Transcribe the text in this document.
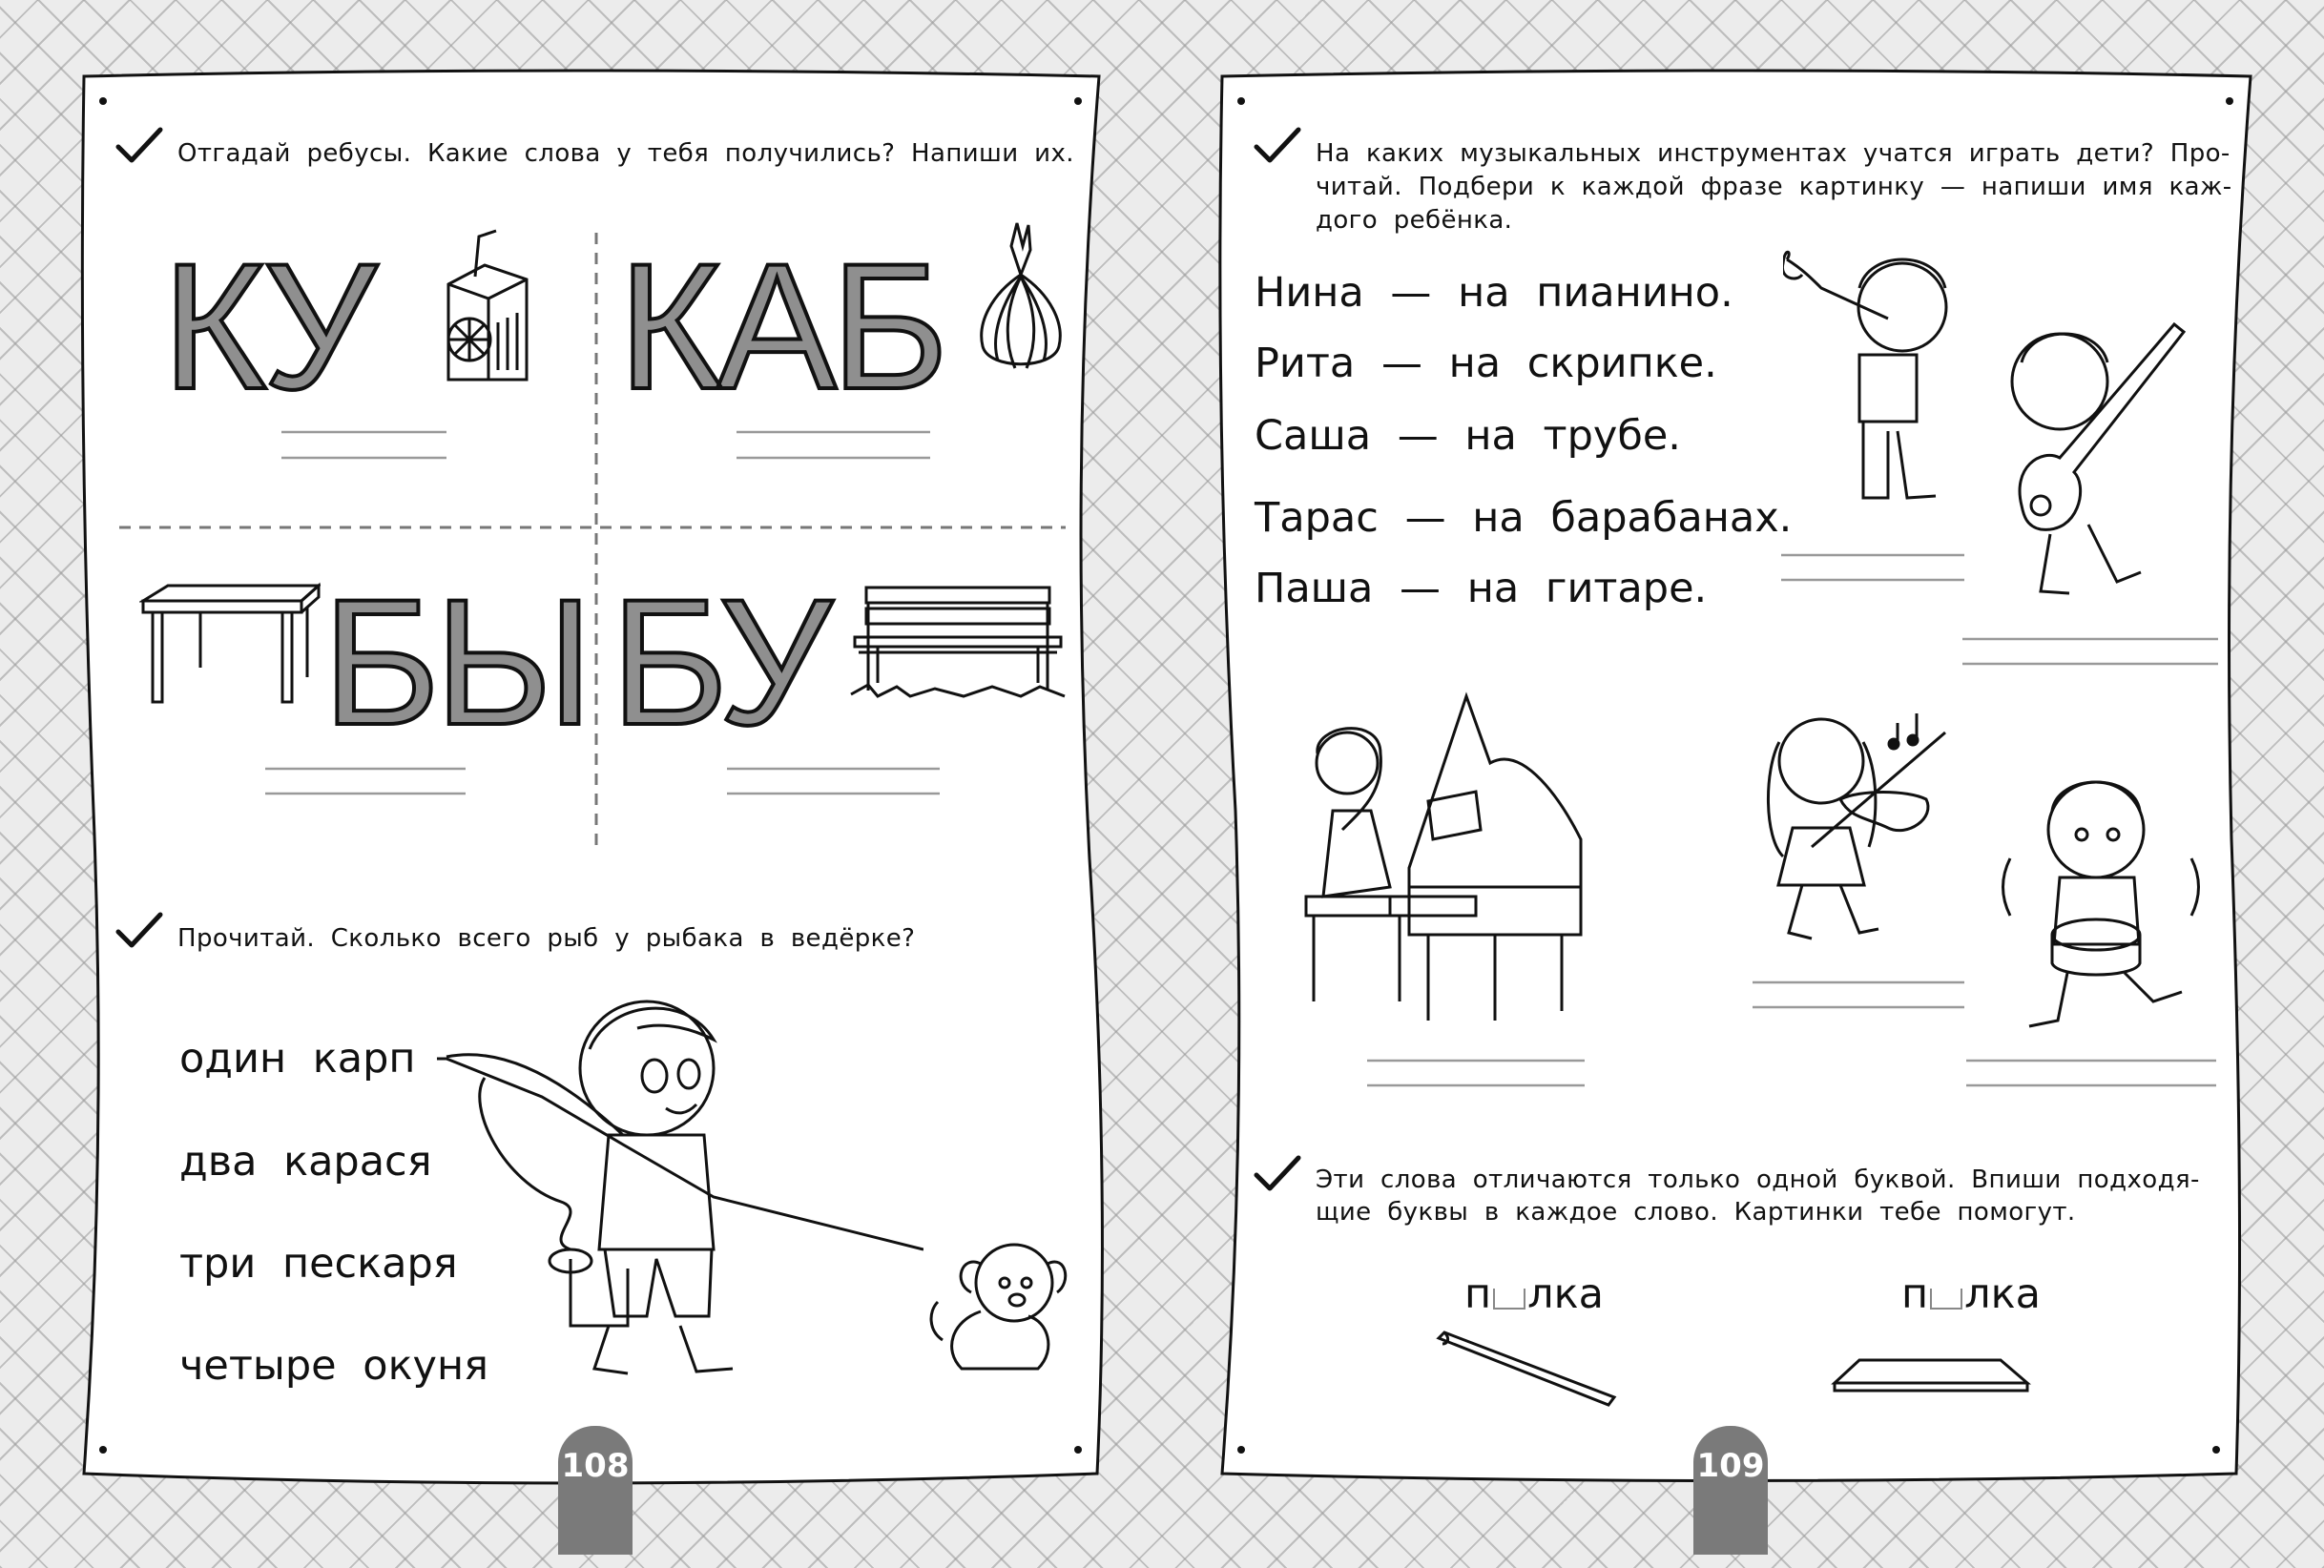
Отгадай ребусы. Какие слова у тебя получились? Напиши их.
КУ КАБ
БЫ БУ
Прочитай. Сколько всего рыб у рыбака в ведёрке?
один карп
два карася
три пескаря
четыре окуня
108
На каких музыкальных инструментах учатся играть дети? Про-
читай. Подбери к каждой фразе картинку — напиши имя каж-
дого ребёнка.
Нина — на пианино.
Рита — на скрипке.
Саша — на трубе.
Тарас — на барабанах.
Паша — на гитаре.
Эти слова отличаются только одной буквой. Впиши подходя-
щие буквы в каждое слово. Картинки тебе помогут.
п лка	п лка
109
